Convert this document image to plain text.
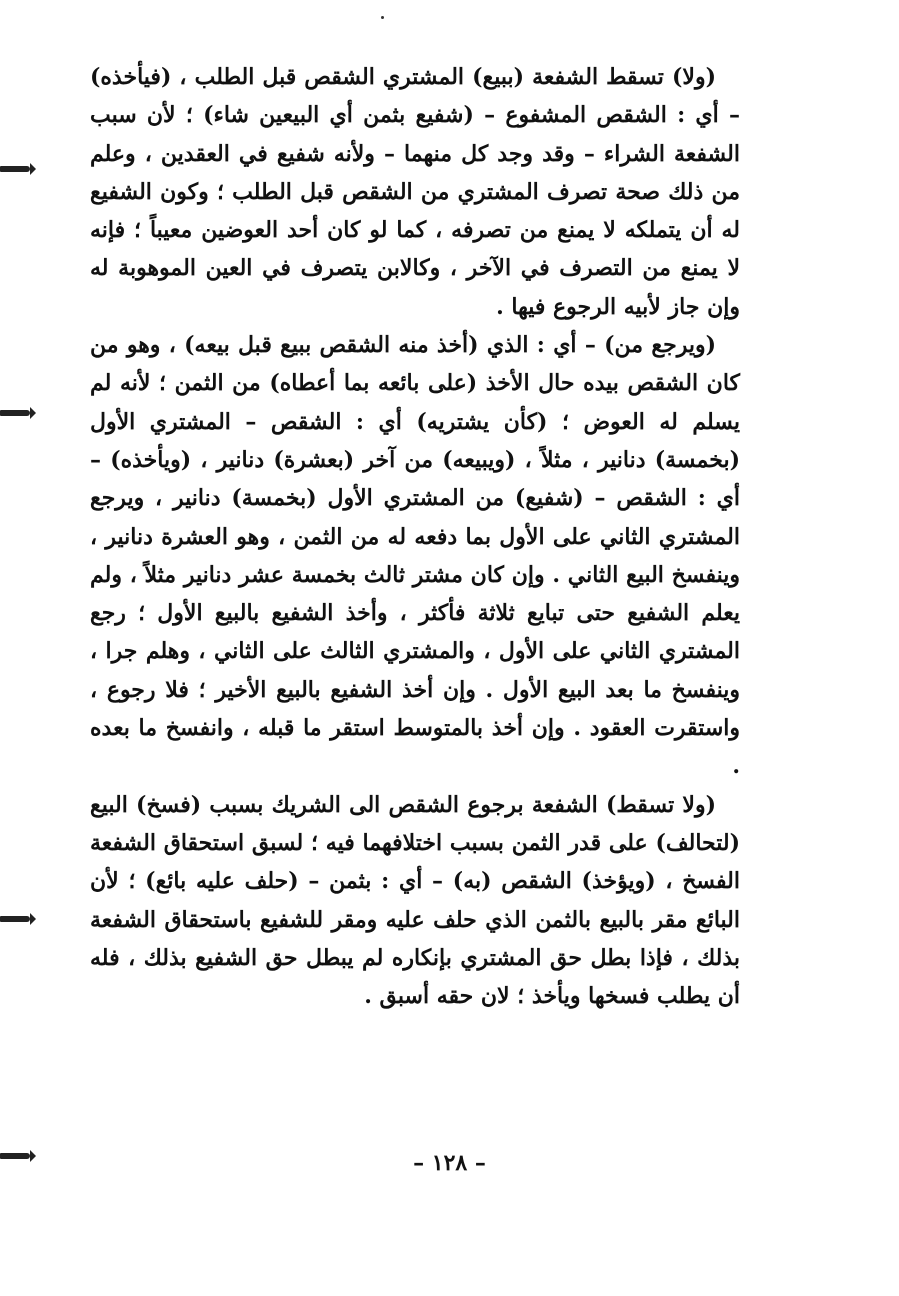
(ولا) تسقط الشفعة (ببيع) المشتري الشقص قبل الطلب ، (فيأخذه) – أي : الشقص المشفوع – (شفيع بثمن أي البيعين شاء) ؛ لأن سبب الشفعة الشراء – وقد وجد كل منهما – ولأنه شفيع في العقدين ، وعلم من ذلك صحة تصرف المشتري من الشقص قبل الطلب ؛ وكون الشفيع له أن يتملكه لا يمنع من تصرفه ، كما لو كان أحد العوضين معيباً ؛ فإنه لا يمنع من التصرف في الآخر ، وكالابن يتصرف في العين الموهوبة له وإن جاز لأبيه الرجوع فيها .

(ويرجع من) – أي : الذي (أخذ منه الشقص ببيع قبل بيعه) ، وهو من كان الشقص بيده حال الأخذ (على بائعه بما أعطاه) من الثمن ؛ لأنه لم يسلم له العوض ؛ (كأن يشتريه) أي : الشقص – المشتري الأول (بخمسة) دنانير ، مثلاً ، (ويبيعه) من آخر (بعشرة) دنانير ، (ويأخذه) – أي : الشقص – (شفيع) من المشتري الأول (بخمسة) دنانير ، ويرجع المشتري الثاني على الأول بما دفعه له من الثمن ، وهو العشرة دنانير ، وينفسخ البيع الثاني . وإن كان مشتر ثالث بخمسة عشر دنانير مثلاً ، ولم يعلم الشفيع حتى تبايع ثلاثة فأكثر ، وأخذ الشفيع بالبيع الأول ؛ رجع المشتري الثاني على الأول ، والمشتري الثالث على الثاني ، وهلم جرا ، وينفسخ ما بعد البيع الأول . وإن أخذ الشفيع بالبيع الأخير ؛ فلا رجوع ، واستقرت العقود . وإن أخذ بالمتوسط استقر ما قبله ، وانفسخ ما بعده .

(ولا تسقط) الشفعة برجوع الشقص الى الشريك بسبب (فسخ) البيع (لتحالف) على قدر الثمن بسبب اختلافهما فيه ؛ لسبق استحقاق الشفعة الفسخ ، (ويؤخذ) الشقص (به) – أي : بثمن – (حلف عليه بائع) ؛ لأن البائع مقر بالبيع بالثمن الذي حلف عليه ومقر للشفيع باستحقاق الشفعة بذلك ، فإذا بطل حق المشتري بإنكاره لم يبطل حق الشفيع بذلك ، فله أن يطلب فسخها ويأخذ ؛ لان حقه أسبق .

– ١٢٨ –
